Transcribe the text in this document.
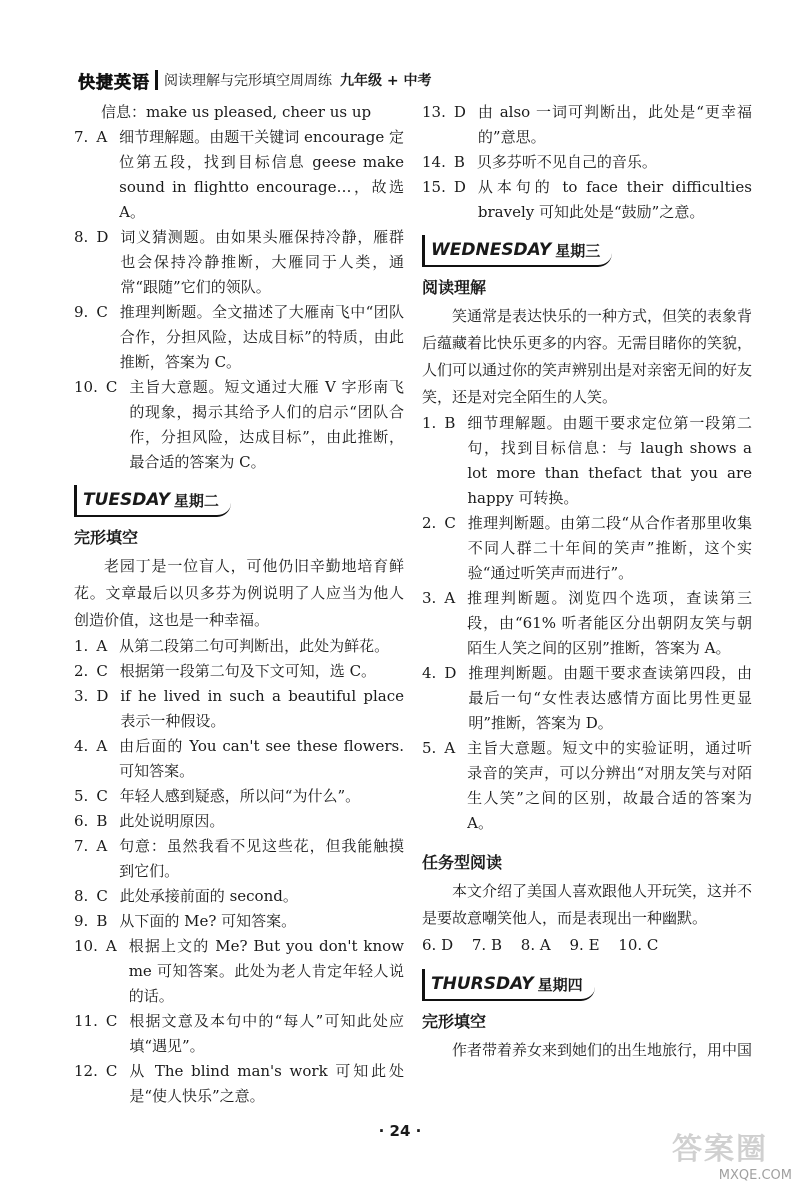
快捷英语 阅读理解与完形填空周周练 九年级 + 中考
信息：make us pleased, cheer us up
7. A 细节理解题。由题干关键词 encourage 定位第五段，找到目标信息 geese make sound in flightto encourage…，故选 A。
8. D 词义猜测题。由如果头雁保持冷静，雁群也会保持冷静推断，大雁同于人类，通常“跟随”它们的领队。
9. C 推理判断题。全文描述了大雁南飞中“团队合作，分担风险，达成目标”的特质，由此推断，答案为 C。
10. C 主旨大意题。短文通过大雁 V 字形南飞的现象，揭示其给予人们的启示“团队合作，分担风险，达成目标”，由此推断，最合适的答案为 C。
TUESDAY 星期二
完形填空
老园丁是一位盲人，可他仍旧辛勤地培育鲜花。文章最后以贝多芬为例说明了人应当为他人创造价值，这也是一种幸福。
1. A 从第二段第二句可判断出，此处为鲜花。
2. C 根据第一段第二句及下文可知，选 C。
3. D if he lived in such a beautiful place 表示一种假设。
4. A 由后面的 You can't see these flowers. 可知答案。
5. C 年轻人感到疑惑，所以问“为什么”。
6. B 此处说明原因。
7. A 句意：虽然我看不见这些花，但我能触摸到它们。
8. C 此处承接前面的 second。
9. B 从下面的 Me? 可知答案。
10. A 根据上文的 Me? But you don't know me 可知答案。此处为老人肯定年轻人说的话。
11. C 根据文意及本句中的“每人”可知此处应填“遇见”。
12. C 从 The blind man's work 可知此处是“使人快乐”之意。
13. D 由 also 一词可判断出，此处是“更幸福的”意思。
14. B 贝多芬听不见自己的音乐。
15. D 从本句的 to face their difficulties bravely 可知此处是“鼓励”之意。
WEDNESDAY 星期三
阅读理解
笑通常是表达快乐的一种方式，但笑的表象背后蕴藏着比快乐更多的内容。无需目睹你的笑貌，人们可以通过你的笑声辨别出是对亲密无间的好友笑，还是对完全陌生的人笑。
1. B 细节理解题。由题干要求定位第一段第二句，找到目标信息：与 laugh shows a lot more than thefact that you are happy 可转换。
2. C 推理判断题。由第二段“从合作者那里收集不同人群二十年间的笑声”推断，这个实验“通过听笑声而进行”。
3. A 推理判断题。浏览四个选项，查读第三段，由“61% 听者能区分出朝阴友笑与朝陌生人笑之间的区别”推断，答案为 A。
4. D 推理判断题。由题干要求查读第四段，由最后一句“女性表达感情方面比男性更显明”推断，答案为 D。
5. A 主旨大意题。短文中的实验证明，通过听录音的笑声，可以分辨出“对朋友笑与对陌生人笑”之间的区别，故最合适的答案为 A。
任务型阅读
本文介绍了美国人喜欢跟他人开玩笑，这并不是要故意嘲笑他人，而是表现出一种幽默。
6. D 7. B 8. A 9. E 10. C
THURSDAY 星期四
完形填空
作者带着养女来到她们的出生地旅行，用中国
· 24 ·
答案圈
MXQE.COM
